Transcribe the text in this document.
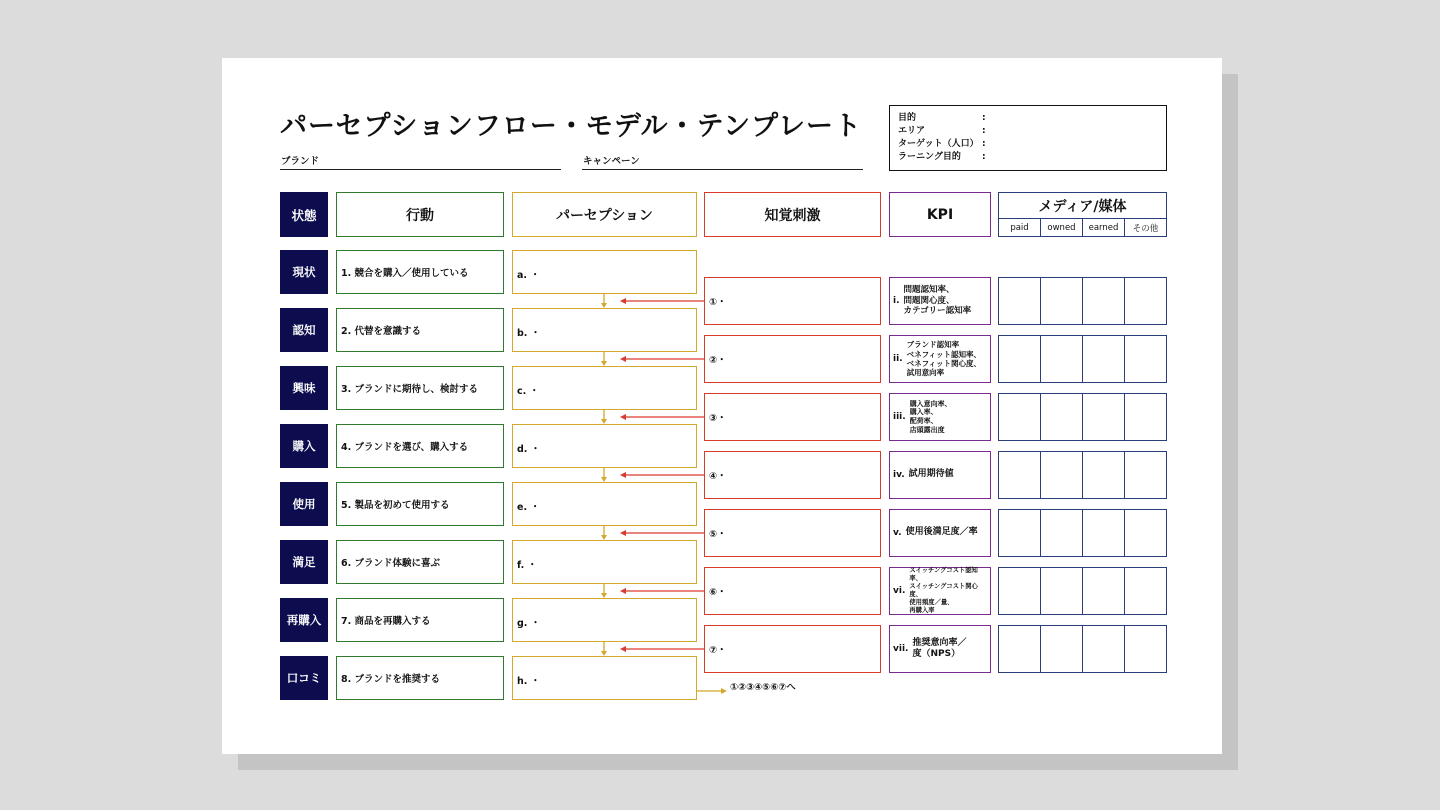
パーセプションフロー・モデル・テンプレート
ブランド	キャンペーン
目的	:
エリア	:
ターゲット（人口） :
ラーニング目的	:
状態	行動	パーセプション	知覚刺激	KPI	メディア/媒体
paid	owned	earned	その他
現状	1. 競合を購入／使用している	a. ・
認知	2. 代替を意識する	b. ・
興味	3. ブランドに期待し、検討する	c. ・
購入	4. ブランドを選び、購入する	d. ・
使用	5. 製品を初めて使用する	e. ・
満足	6. ブランド体験に喜ぶ	f. ・
再購入	7. 商品を再購入する	g. ・
口コミ	8. ブランドを推奨する	h. ・
①・	i.
問題認知率、
問題関心度、
カテゴリー認知率
②・	ii.
ブランド認知率
ベネフィット認知率、
ベネフィット関心度、
試用意向率
③・	iii.
購入意向率、
購入率、
配荷率、
店頭露出度
④・	iv. 試用期待値
⑤・	v. 使用後満足度／率
⑥・	vi.
スイッチングコスト認知率、
スイッチングコスト関心度、
使用頻度／量、
再購入率
⑦・	vii.
推奨意向率／
度（NPS）
①②③④⑤⑥⑦へ
